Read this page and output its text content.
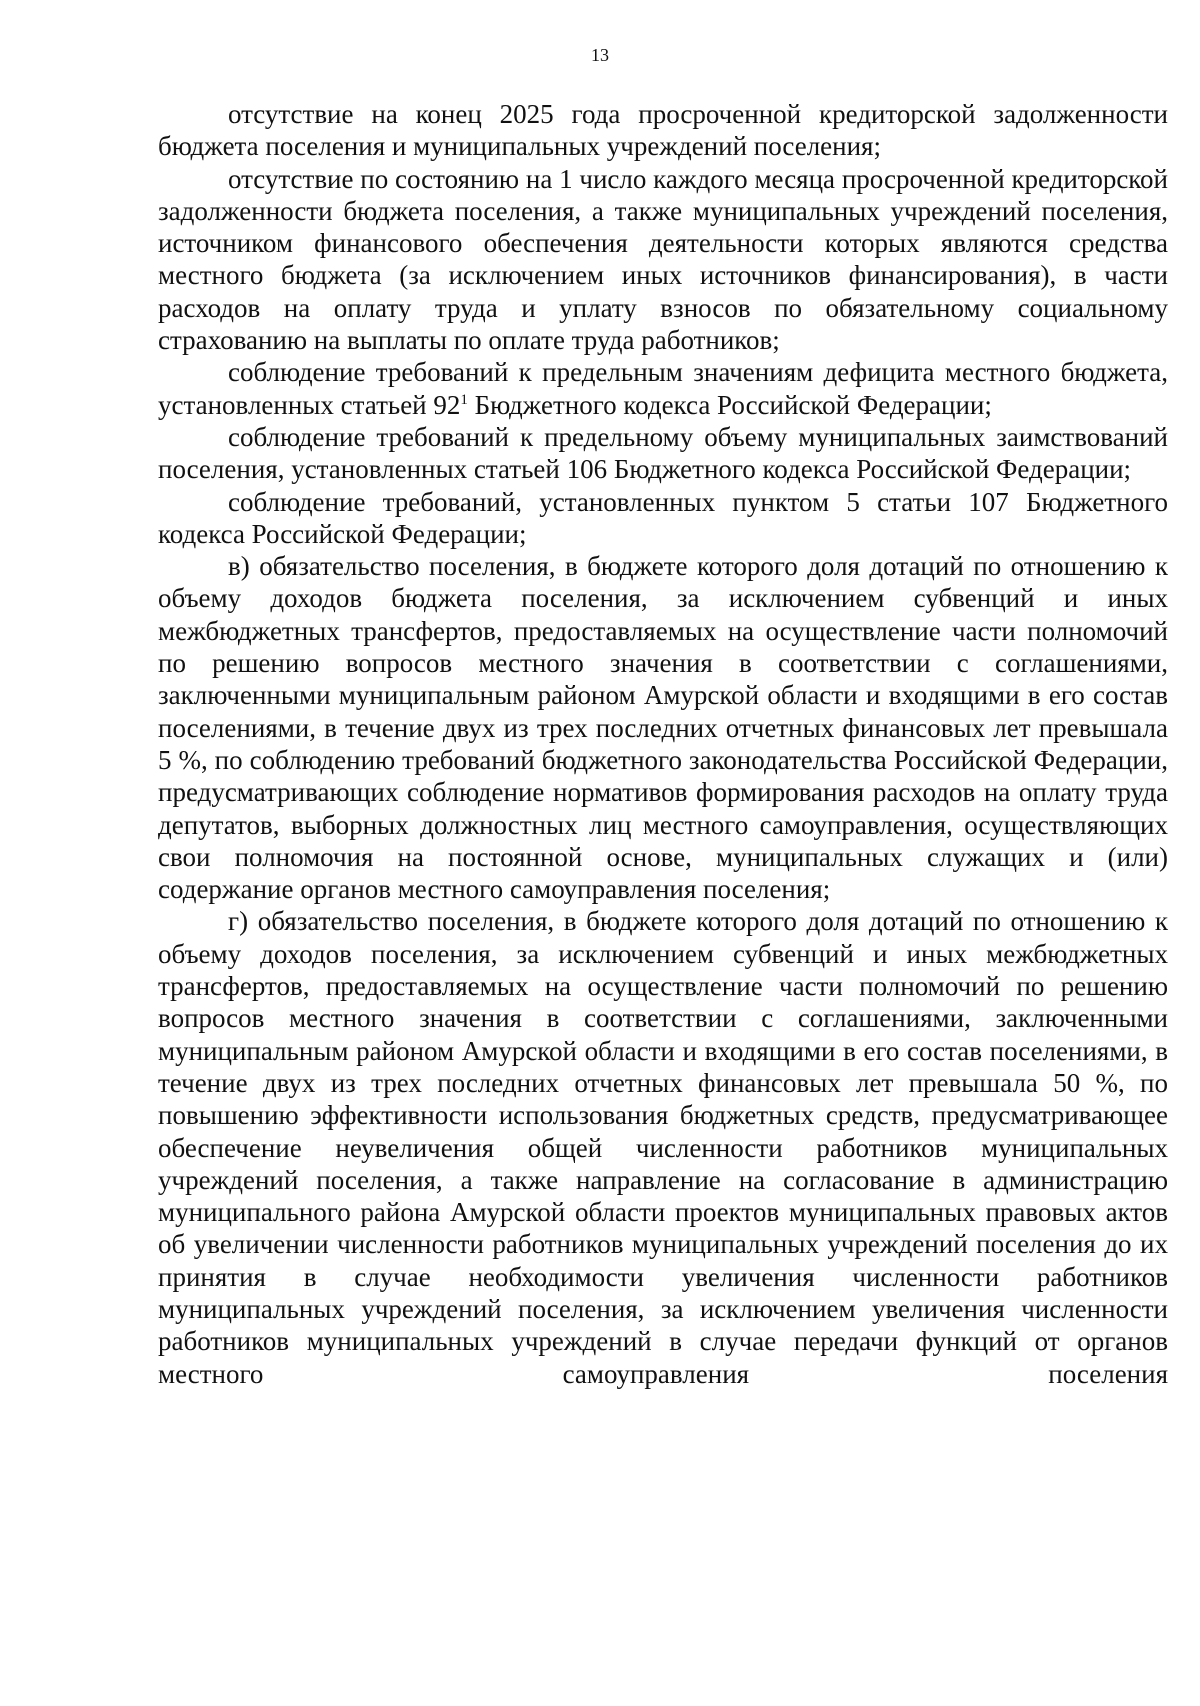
13

отсутствие на конец 2025 года просроченной кредиторской задолженности бюджета поселения и муниципальных учреждений поселения;

отсутствие по состоянию на 1 число каждого месяца просроченной кредиторской задолженности бюджета поселения, а также муниципальных учреждений поселения, источником финансового обеспечения деятельности которых являются средства местного бюджета (за исключением иных источников финансирования), в части расходов на оплату труда и уплату взносов по обязательному социальному страхованию на выплаты по оплате труда работников;

соблюдение требований к предельным значениям дефицита местного бюджета, установленных статьей $92^1$ Бюджетного кодекса Российской Федерации;

соблюдение требований к предельному объему муниципальных заимствований поселения, установленных статьей 106 Бюджетного кодекса Российской Федерации;

соблюдение требований, установленных пунктом 5 статьи 107 Бюджетного кодекса Российской Федерации;

в) обязательство поселения, в бюджете которого доля дотаций по отношению к объему доходов бюджета поселения, за исключением субвенций и иных межбюджетных трансфертов, предоставляемых на осуществление части полномочий по решению вопросов местного значения в соответствии с соглашениями, заключенными муниципальным районом Амурской области и входящими в его состав поселениями, в течение двух из трех последних отчетных финансовых лет превышала 5 %, по соблюдению требований бюджетного законодательства Российской Федерации, предусматривающих соблюдение нормативов формирования расходов на оплату труда депутатов, выборных должностных лиц местного самоуправления, осуществляющих свои полномочия на постоянной основе, муниципальных служащих и (или) содержание органов местного самоуправления поселения;

г) обязательство поселения, в бюджете которого доля дотаций по отношению к объему доходов поселения, за исключением субвенций и иных межбюджетных трансфертов, предоставляемых на осуществление части полномочий по решению вопросов местного значения в соответствии с соглашениями, заключенными муниципальным районом Амурской области и входящими в его состав поселениями, в течение двух из трех последних отчетных финансовых лет превышала 50 %, по повышению эффективности использования бюджетных средств, предусматривающее обеспечение неувеличения общей численности работников муниципальных учреждений поселения, а также направление на согласование в администрацию муниципального района Амурской области проектов муниципальных правовых актов об увеличении численности работников муниципальных учреждений поселения до их принятия в случае необходимости увеличения численности работников муниципальных учреждений поселения, за исключением увеличения численности работников муниципальных учреждений в случае передачи функций от органов местного самоуправления поселения
